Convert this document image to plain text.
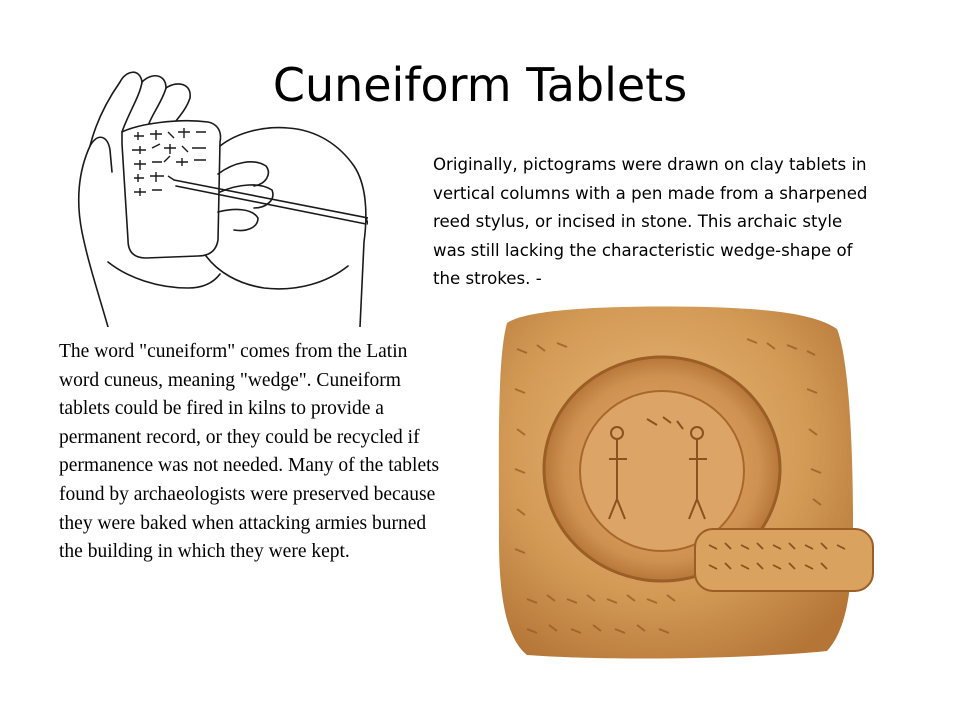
Cuneiform Tablets
Originally, pictograms were drawn on clay tablets in vertical columns with a pen made from a sharpened reed stylus, or incised in stone. This archaic style was still lacking the characteristic wedge-shape of the strokes. -
The word "cuneiform" comes from the Latin word cuneus, meaning "wedge". Cuneiform tablets could be fired in kilns to provide a permanent record, or they could be recycled if permanence was not needed. Many of the tablets found by archaeologists were preserved because they were baked when attacking armies burned the building in which they were kept.
